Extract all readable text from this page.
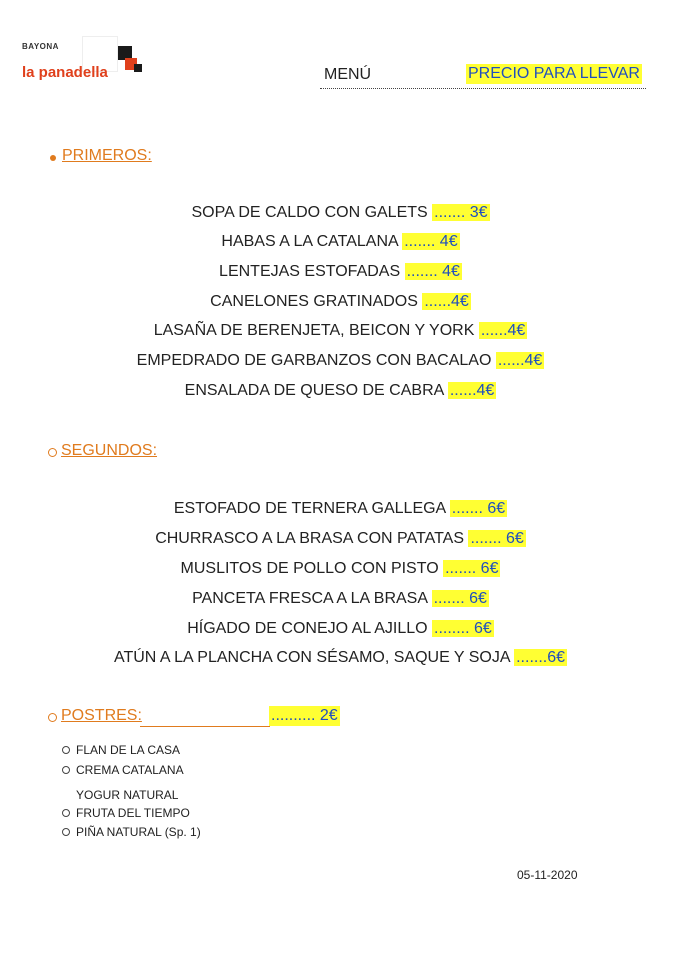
BAYONA
la panadella	MENÚ	PRECIO PARA LLEVAR
PRIMEROS:
SOPA DE CALDO CON GALETS ....... 3€
HABAS A LA CATALANA ....... 4€
LENTEJAS ESTOFADAS ....... 4€
CANELONES GRATINADOS ......4€
LASAÑA DE BERENJETA, BEICON Y YORK ......4€
EMPEDRADO DE GARBANZOS CON BACALAO ......4€
ENSALADA DE QUESO DE CABRA ......4€
SEGUNDOS:
ESTOFADO DE TERNERA GALLEGA ....... 6€
CHURRASCO A LA BRASA CON PATATAS ....... 6€
MUSLITOS DE POLLO CON PISTO ....... 6€
PANCETA FRESCA A LA BRASA ....... 6€
HÍGADO DE CONEJO AL AJILLO ........ 6€
ATÚN A LA PLANCHA CON SÉSAMO, SAQUE Y SOJA .......6€
POSTRES:	.......... 2€
FLAN DE LA CASA
CREMA CATALANA
YOGUR NATURAL
FRUTA DEL TIEMPO
PIÑA NATURAL (Sp. 1)
05-11-2020
